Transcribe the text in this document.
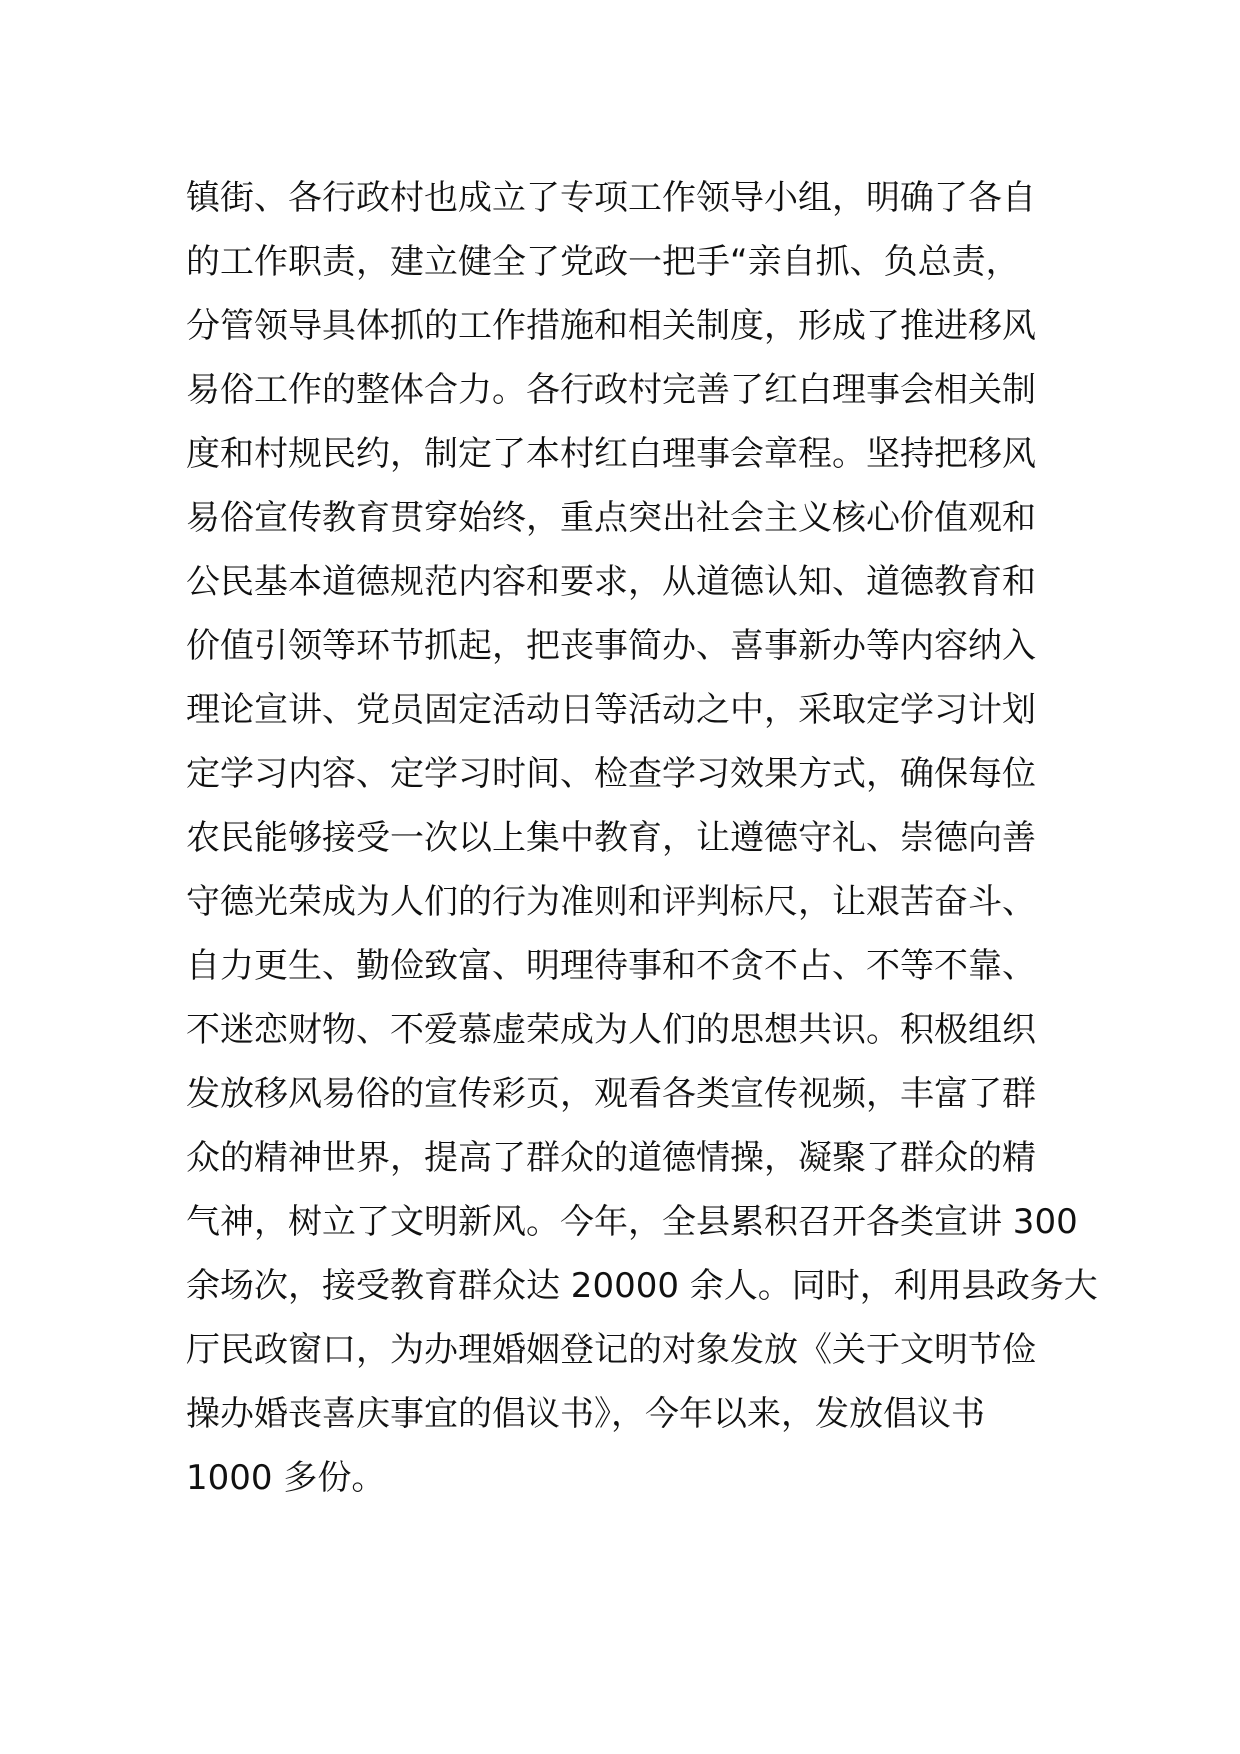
镇街、各行政村也成立了专项工作领导小组，明确了各自
的工作职责，建立健全了党政一把手“亲自抓、负总责，
分管领导具体抓的工作措施和相关制度，形成了推进移风
易俗工作的整体合力。各行政村完善了红白理事会相关制
度和村规民约，制定了本村红白理事会章程。坚持把移风
易俗宣传教育贯穿始终，重点突出社会主义核心价值观和
公民基本道德规范内容和要求，从道德认知、道德教育和
价值引领等环节抓起，把丧事简办、喜事新办等内容纳入
理论宣讲、党员固定活动日等活动之中，采取定学习计划
定学习内容、定学习时间、检查学习效果方式，确保每位
农民能够接受一次以上集中教育，让遵德守礼、崇德向善
守德光荣成为人们的行为准则和评判标尺，让艰苦奋斗、
自力更生、勤俭致富、明理待事和不贪不占、不等不靠、
不迷恋财物、不爱慕虚荣成为人们的思想共识。积极组织
发放移风易俗的宣传彩页，观看各类宣传视频，丰富了群
众的精神世界，提高了群众的道德情操，凝聚了群众的精
气神，树立了文明新风。今年，全县累积召开各类宣讲 300
余场次，接受教育群众达 20000 余人。同时，利用县政务大
厅民政窗口，为办理婚姻登记的对象发放《关于文明节俭
操办婚丧喜庆事宜的倡议书》，今年以来，发放倡议书
1000 多份。
